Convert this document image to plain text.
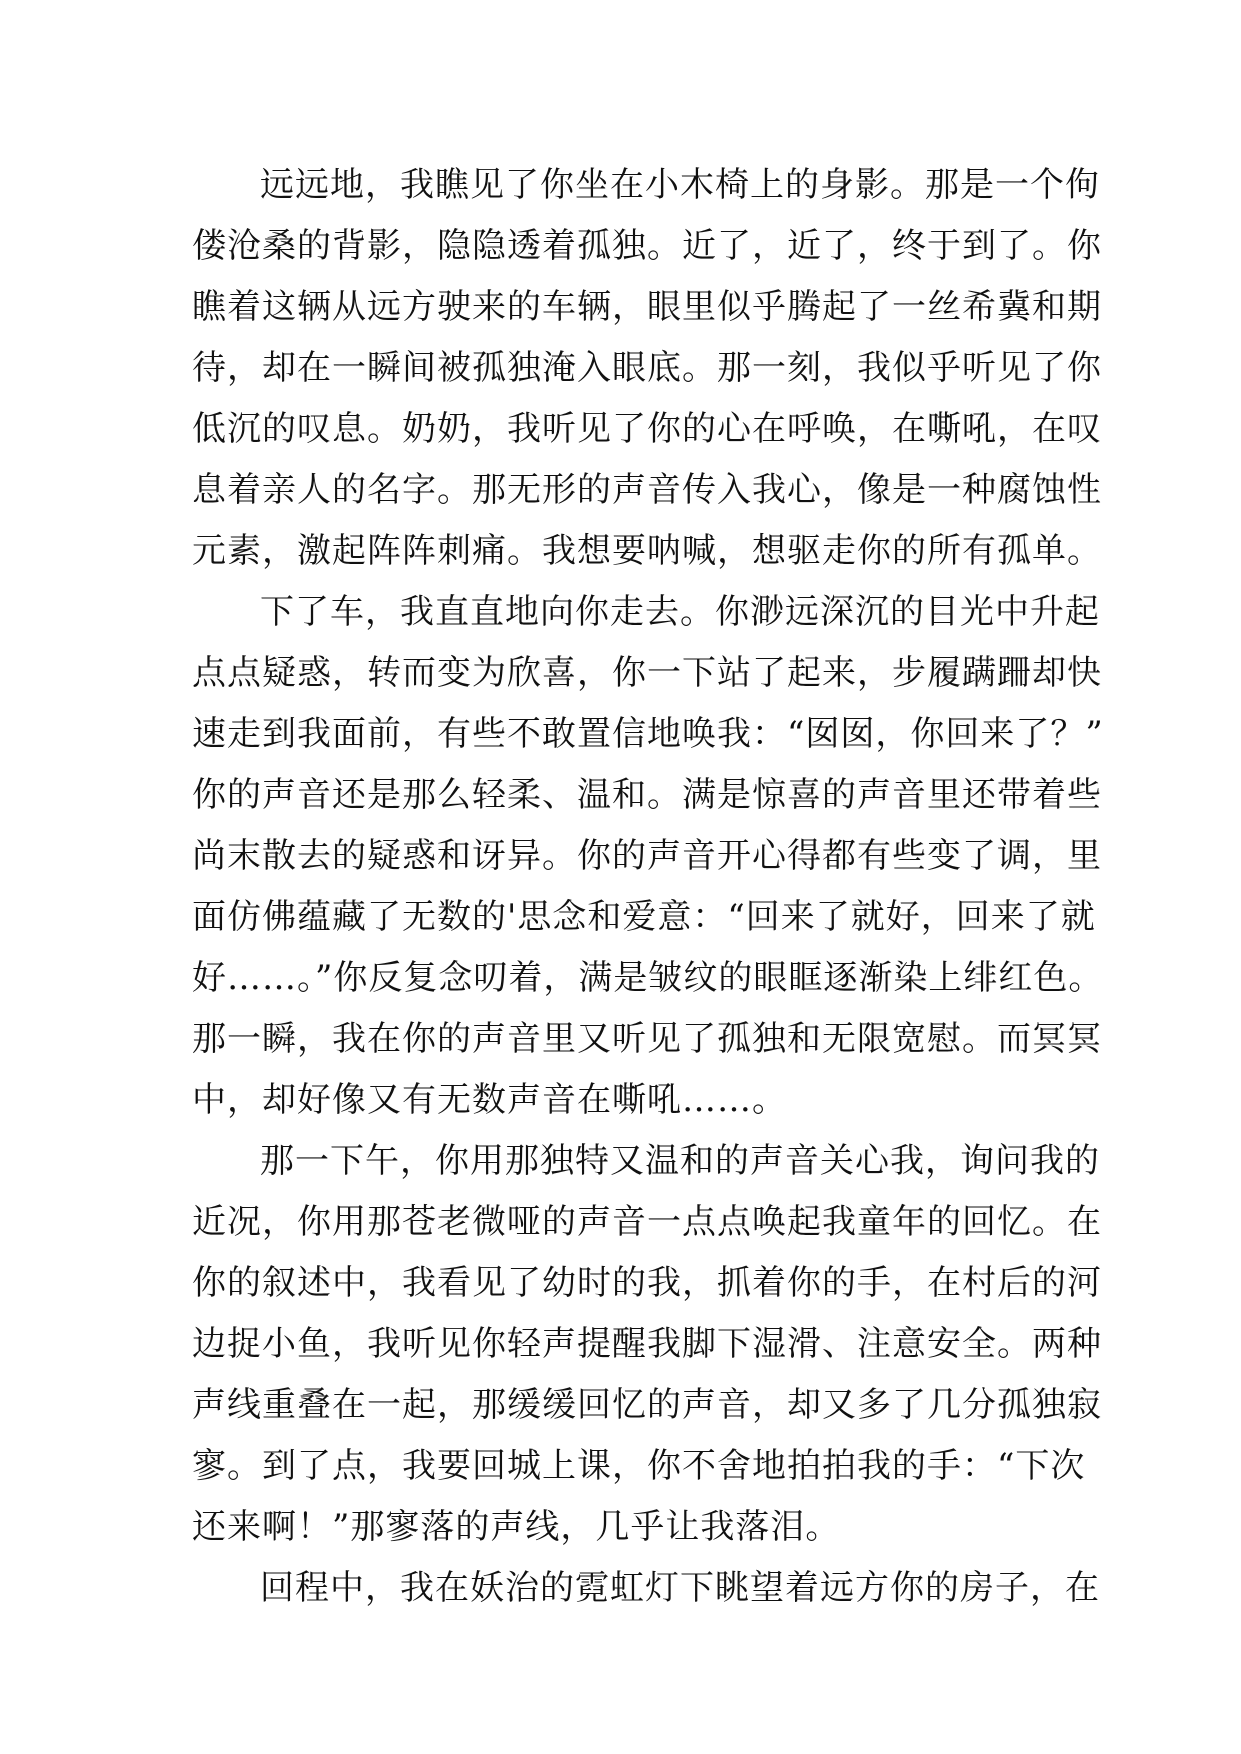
远远地，我瞧见了你坐在小木椅上的身影。那是一个佝
偻沧桑的背影，隐隐透着孤独。近了，近了，终于到了。你
瞧着这辆从远方驶来的车辆，眼里似乎腾起了一丝希冀和期
待，却在一瞬间被孤独淹入眼底。那一刻，我似乎听见了你
低沉的叹息。奶奶，我听见了你的心在呼唤，在嘶吼，在叹
息着亲人的名字。那无形的声音传入我心，像是一种腐蚀性
元素，激起阵阵刺痛。我想要呐喊，想驱走你的所有孤单。
下了车，我直直地向你走去。你渺远深沉的目光中升起
点点疑惑，转而变为欣喜，你一下站了起来，步履蹒跚却快
速走到我面前，有些不敢置信地唤我：“囡囡，你回来了？”
你的声音还是那么轻柔、温和。满是惊喜的声音里还带着些
尚末散去的疑惑和讶异。你的声音开心得都有些变了调，里
面仿佛蕴藏了无数的'思念和爱意：“回来了就好，回来了就
好……。”你反复念叨着，满是皱纹的眼眶逐渐染上绯红色。
那一瞬，我在你的声音里又听见了孤独和无限宽慰。而冥冥
中，却好像又有无数声音在嘶吼……。
那一下午，你用那独特又温和的声音关心我，询问我的
近况，你用那苍老微哑的声音一点点唤起我童年的回忆。在
你的叙述中，我看见了幼时的我，抓着你的手，在村后的河
边捉小鱼，我听见你轻声提醒我脚下湿滑、注意安全。两种
声线重叠在一起，那缓缓回忆的声音，却又多了几分孤独寂
寥。到了点，我要回城上课，你不舍地拍拍我的手：“下次
还来啊！”那寥落的声线，几乎让我落泪。
回程中，我在妖治的霓虹灯下眺望着远方你的房子，在
